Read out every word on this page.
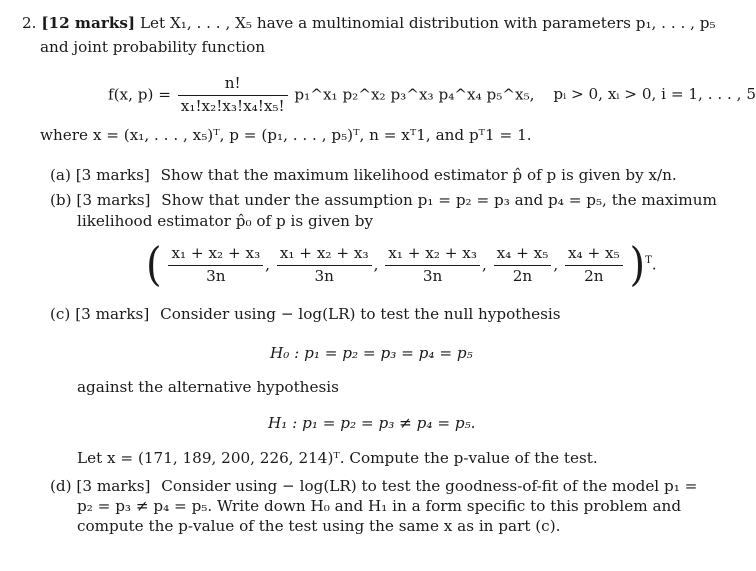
2. [12 marks] Let X₁, . . . , X₅ have a multinomial distribution with parameters p₁, . . . , p₅
and joint probability function
f(x, $p) = \frac{n!}{\text{x₁!x₂!x₃!x₄!x₅!}}$ p₁^x₁ p₂^x₂ p₃^x₃ p₄^x₄ p₅^x₅, pᵢ > 0, xᵢ > 0, i = 1, . . . , 5
where x = (x₁, . . . , x₅)ᵀ, p = (p₁, . . . , p₅)ᵀ, n = xᵀ1, and pᵀ1 = 1.
(a) [3 marks] Show that the maximum likelihood estimator p̂ of p is given by x/n.
(b) [3 marks] Show that under the assumption p₁ = p₂ = p₃ and p₄ = p₅, the maximum
likelihood estimator p̂₀ of p is given by
( $\frac{\text{x₁ + x₂ + x₃}}{3n}$ , $\frac{\text{x₁ + x₂ + x₃}}{3n}$ , $\frac{\text{x₁ + x₂ + x₃}}{3n}$ , $\frac{\text{x₄ + x₅}}{2n}$ , $\frac{\text{x₄ + x₅}}{2n} )^T$.
(c) [3 marks] Consider using − log(LR) to test the null hypothesis
H₀ : p₁ = p₂ = p₃ = p₄ = p₅
against the alternative hypothesis
H₁ : p₁ = p₂ = p₃ ≠ p₄ = p₅.
Let x = (171, 189, 200, 226, 214)ᵀ. Compute the p-value of the test.
(d) [3 marks] Consider using − log(LR) to test the goodness-of-fit of the model p₁ =
p₂ = p₃ ≠ p₄ = p₅. Write down H₀ and H₁ in a form specific to this problem and
compute the p-value of the test using the same x as in part (c).
